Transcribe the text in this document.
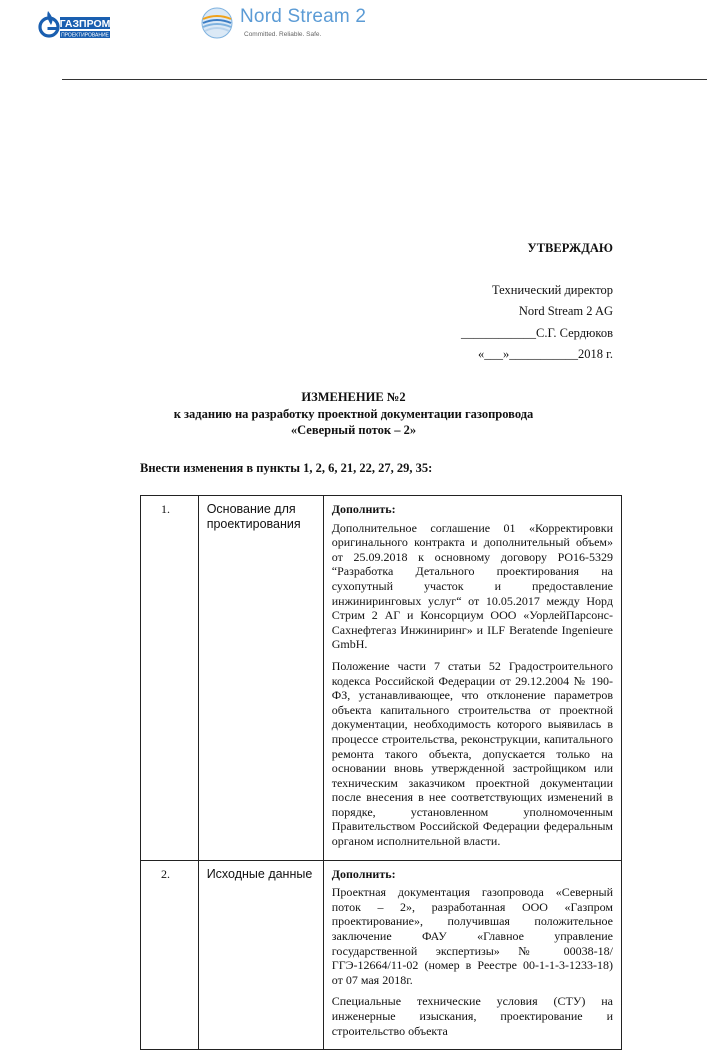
ГАЗПРОМ
ПРОЕКТИРОВАНИЕ
Nord Stream 2
Committed. Reliable. Safe.
УТВЕРЖДАЮ
Технический директор
Nord Stream 2 AG
____________С.Г. Сердюков
«___»___________2018 г.
ИЗМЕНЕНИЕ №2
к заданию на разработку проектной документации газопровода
«Северный поток – 2»
Внести изменения в пункты 1, 2, 6, 21, 22, 27, 29, 35:
1.	Основание для проектирования	Дополнить:

Дополнительное соглашение 01 «Корректировки оригинального контракта и дополнительный объем» от 25.09.2018 к основному договору PO16-5329 “Разработка Детального проектирования на сухопутный участок и предоставление инжиниринговых услуг“ от 10.05.2017 между Норд Стрим 2 АГ и Консорциум ООО «УорлейПарсонс-Сахнефтегаз Инжиниринг» и ILF Beratende Ingenieure GmbH.

Положение части 7 статьи 52 Градостроительного кодекса Российской Федерации от 29.12.2004 № 190-ФЗ, устанавливающее, что отклонение параметров объекта капитального строительства от проектной документации, необходимость которого выявилась в процессе строительства, реконструкции, капитального ремонта такого объекта, допускается только на основании вновь утвержденной застройщиком или техническим заказчиком проектной документации после внесения в нее соответствующих изменений в порядке, установленном уполномоченным Правительством Российской Федерации федеральным органом исполнительной власти.

2.	Исходные данные	Дополнить:

Проектная документация газопровода «Северный поток – 2», разработанная ООО «Газпром проектирование», получившая положительное заключение ФАУ «Главное управление государственной экспертизы» № 00038-18/ГГЭ-12664/11-02 (номер в Реестре 00-1-1-3-1233-18) от 07 мая 2018г.

Специальные технические условия (СТУ) на инженерные изыскания, проектирование и строительство объекта
